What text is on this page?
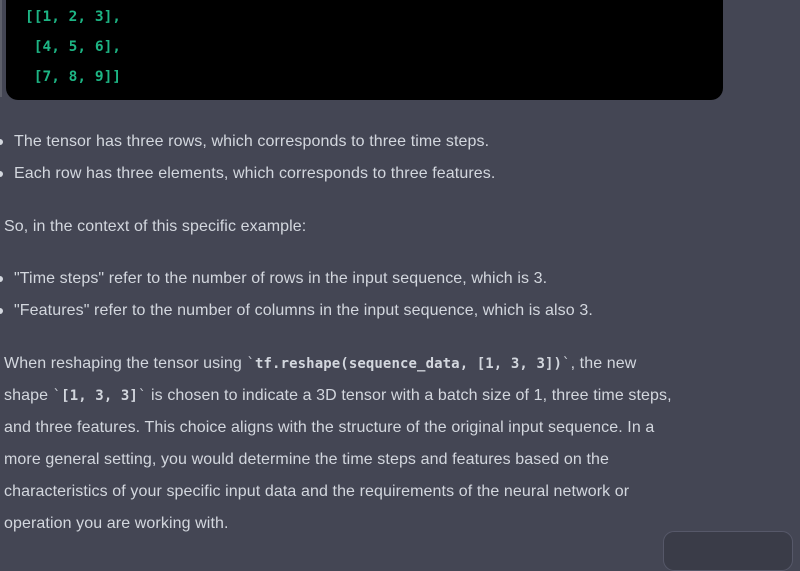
[[1, 2, 3],
[4, 5, 6],
[7, 8, 9]]
The tensor has three rows, which corresponds to three time steps.
Each row has three elements, which corresponds to three features.

So, in the context of this specific example:

"Time steps" refer to the number of rows in the input sequence, which is 3.
"Features" refer to the number of columns in the input sequence, which is also 3.
When reshaping the tensor using `tf.reshape(sequence_data, [1, 3, 3])`, the new
shape `[1, 3, 3]` is chosen to indicate a 3D tensor with a batch size of 1, three time steps,
and three features. This choice aligns with the structure of the original input sequence. In a
more general setting, you would determine the time steps and features based on the
characteristics of your specific input data and the requirements of the neural network or
operation you are working with.
